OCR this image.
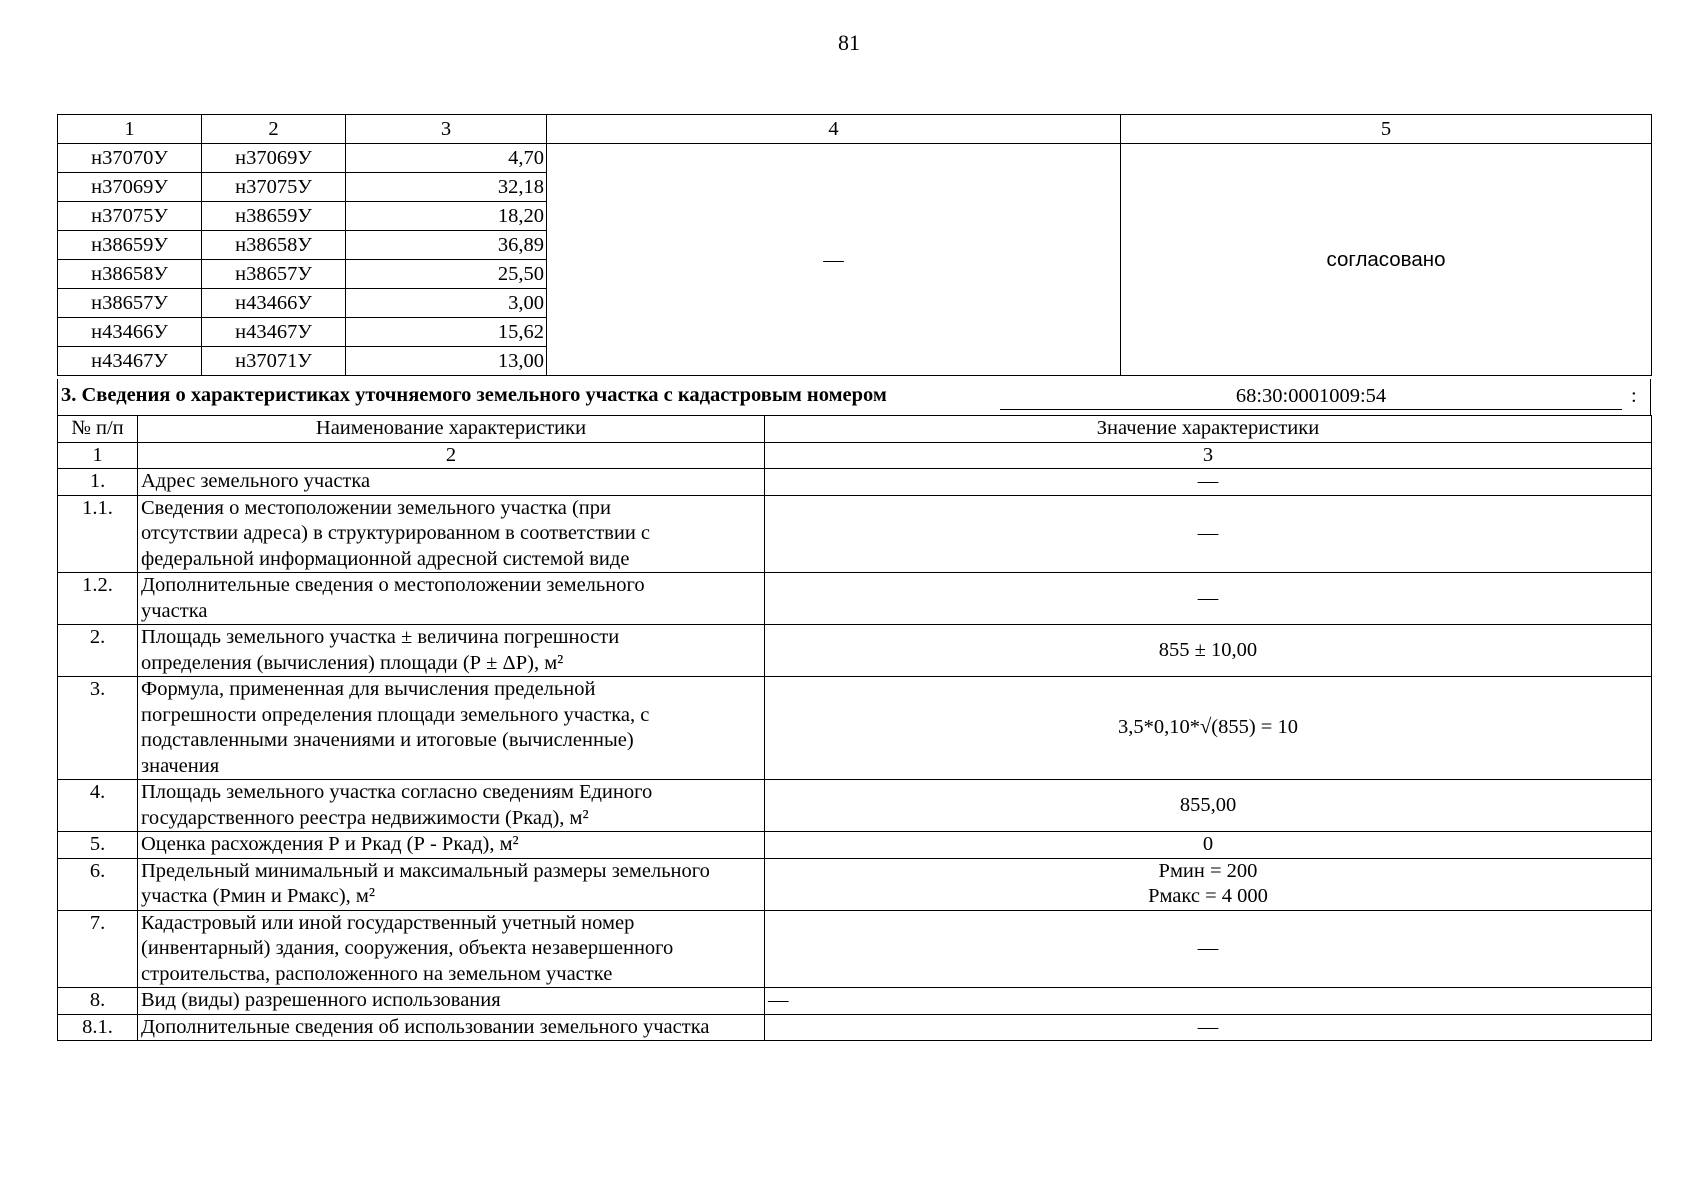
81
1	2	3	4	5
н37070У	н37069У	4,70	—	согласовано
н37069У	н37075У	32,18		
н37075У	н38659У	18,20		
н38659У	н38658У	36,89		
н38658У	н38657У	25,50		
н38657У	н43466У	3,00		
н43466У	н43467У	15,62		
н43467У	н37071У	13,00		
3. Сведения о характеристиках уточняемого земельного участка с кадастровым номером	68:30:0001009:54	:
№ п/п	Наименование характеристики	Значение характеристики
1	2	3
1.	Адрес земельного участка	—

1.1.	Сведения о местоположении земельного участка (при
отсутствии адреса) в структурированном в соответствии с
федеральной информационной адресной системой виде	—

1.2.	Дополнительные сведения о местоположении земельного
участка	—

2.	Площадь земельного участка ± величина погрешности
определения (вычисления) площади (Р ± ΔР), м²	855 ± 10,00

3.	Формула, примененная для вычисления предельной
погрешности определения площади земельного участка, с
подставленными значениями и итоговые (вычисленные)
значения	3,5*0,10*√(855) = 10

4.	Площадь земельного участка согласно сведениям Единого
государственного реестра недвижимости (Ркад), м²	855,00

5.	Оценка расхождения Р и Ркад (Р - Ркад), м²	0

6.	Предельный минимальный и максимальный размеры земельного
участка (Рмин и Рмакс), м²	Рмин = 200
Рмакс = 4 000

7.	Кадастровый или иной государственный учетный номер
(инвентарный) здания, сооружения, объекта незавершенного
строительства, расположенного на земельном участке	—

8.	Вид (виды) разрешенного использования	—

8.1.	Дополнительные сведения об использовании земельного участка	—
